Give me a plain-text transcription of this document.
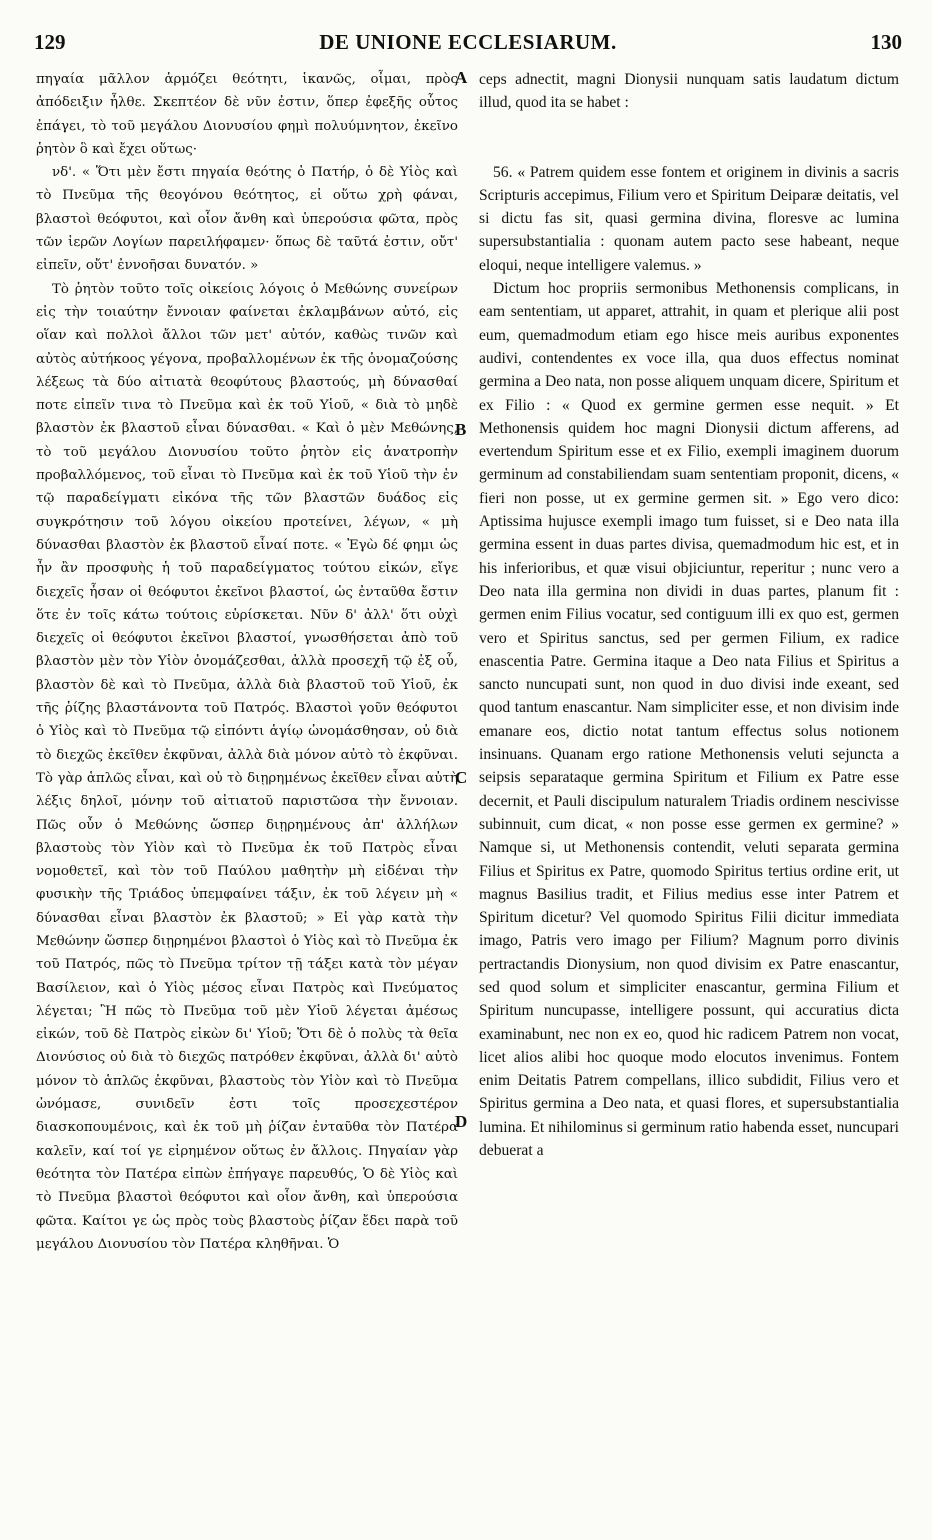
129	DE UNIONE ECCLESIARUM.	130

πηγαία μᾶλλον ἁρμόζει θεότητι, ἱκανῶς, οἶμαι, πρὸς ἀπόδειξιν ἦλθε. Σκεπτέον δὲ νῦν ἐστιν, ὅπερ ἐφεξῆς οὗτος ἐπάγει, τὸ τοῦ μεγάλου Διονυσίου φημὶ πολυύμνητον, ἐκεῖνο ῥητὸν ὃ καὶ ἔχει οὕτως·

νδ'. « Ὅτι μὲν ἔστι πηγαία θεότης ὁ Πατήρ, ὁ δὲ Υἱὸς καὶ τὸ Πνεῦμα τῆς θεογόνου θεότητος, εἰ οὕτω χρὴ φάναι, βλαστοὶ θεόφυτοι, καὶ οἷον ἄνθη καὶ ὑπερούσια φῶτα, πρὸς τῶν ἱερῶν Λογίων παρειλήφαμεν· ὅπως δὲ ταῦτά ἐστιν, οὔτ' εἰπεῖν, οὔτ' ἐννοῆσαι δυνατόν. »

Τὸ ῥητὸν τοῦτο τοῖς οἰκείοις λόγοις ὁ Μεθώνης συνείρων εἰς τὴν τοιαύτην ἔννοιαν φαίνεται ἐκλαμβάνων αὐτό, εἰς οἵαν καὶ πολλοὶ ἄλλοι τῶν μετ' αὐτόν, καθὼς τινῶν καὶ αὐτὸς αὐτήκοος γέγονα, προβαλλομένων ἐκ τῆς ὀνομαζούσης λέξεως τὰ δύο αἰτιατὰ θεοφύτους βλαστούς, μὴ δύνασθαί ποτε εἰπεῖν τινα τὸ Πνεῦμα καὶ ἐκ τοῦ Υἱοῦ, « διὰ τὸ μηδὲ βλαστὸν ἐκ βλαστοῦ εἶναι δύνασθαι. « Καὶ ὁ μὲν Μεθώνης, τὸ τοῦ μεγάλου Διονυσίου τοῦτο ῥητὸν εἰς ἀνατροπὴν προβαλλόμενος, τοῦ εἶναι τὸ Πνεῦμα καὶ ἐκ τοῦ Υἱοῦ τὴν ἐν τῷ παραδείγματι εἰκόνα τῆς τῶν βλαστῶν δυάδος εἰς συγκρότησιν τοῦ λόγου οἰκείου προτείνει, λέγων, « μὴ δύνασθαι βλαστὸν ἐκ βλαστοῦ εἶναί ποτε. « Ἐγὼ δέ φημι ὡς ἦν ἂν προσφυὴς ἡ τοῦ παραδείγματος τούτου εἰκών, εἴγε διεχεῖς ἦσαν οἱ θεόφυτοι ἐκεῖνοι βλαστοί, ὡς ἐνταῦθα ἔστιν ὅτε ἐν τοῖς κάτω τούτοις εὑρίσκεται. Νῦν δ' ἀλλ' ὅτι οὐχὶ διεχεῖς οἱ θεόφυτοι ἐκεῖνοι βλαστοί, γνωσθήσεται ἀπὸ τοῦ βλαστὸν μὲν τὸν Υἱὸν ὀνομάζεσθαι, ἀλλὰ προσεχῆ τῷ ἐξ οὗ, βλαστὸν δὲ καὶ τὸ Πνεῦμα, ἀλλὰ διὰ βλαστοῦ τοῦ Υἱοῦ, ἐκ τῆς ῥίζης βλαστάνοντα τοῦ Πατρός. Βλαστοὶ γοῦν θεόφυτοι ὁ Υἱὸς καὶ τὸ Πνεῦμα τῷ εἰπόντι ἁγίῳ ὠνομάσθησαν, οὐ διὰ τὸ διεχῶς ἐκεῖθεν ἐκφῦναι, ἀλλὰ διὰ μόνον αὐτὸ τὸ ἐκφῦναι. Τὸ γὰρ ἁπλῶς εἶναι, καὶ οὐ τὸ διῃρημένως ἐκεῖθεν εἶναι αὐτὴ λέξις δηλοῖ, μόνην τοῦ αἰτιατοῦ παριστῶσα τὴν ἔννοιαν. Πῶς οὖν ὁ Μεθώνης ὥσπερ διῃρημένους ἀπ' ἀλλήλων βλαστοὺς τὸν Υἱὸν καὶ τὸ Πνεῦμα ἐκ τοῦ Πατρὸς εἶναι νομοθετεῖ, καὶ τὸν τοῦ Παύλου μαθητὴν μὴ εἰδέναι τὴν φυσικὴν τῆς Τριάδος ὑπεμφαίνει τάξιν, ἐκ τοῦ λέγειν μὴ « δύνασθαι εἶναι βλαστὸν ἐκ βλαστοῦ; » Εἰ γὰρ κατὰ τὴν Μεθώνην ὥσπερ διῃρημένοι βλαστοὶ ὁ Υἱὸς καὶ τὸ Πνεῦμα ἐκ τοῦ Πατρός, πῶς τὸ Πνεῦμα τρίτον τῇ τάξει κατὰ τὸν μέγαν Βασίλειον, καὶ ὁ Υἱὸς μέσος εἶναι Πατρὸς καὶ Πνεύματος λέγεται; Ἢ πῶς τὸ Πνεῦμα τοῦ μὲν Υἱοῦ λέγεται ἀμέσως εἰκών, τοῦ δὲ Πατρὸς εἰκὼν δι' Υἱοῦ; Ὅτι δὲ ὁ πολὺς τὰ θεῖα Διονύσιος οὐ διὰ τὸ διεχῶς πατρόθεν ἐκφῦναι, ἀλλὰ δι' αὐτὸ μόνον τὸ ἁπλῶς ἐκφῦναι, βλαστοὺς τὸν Υἱὸν καὶ τὸ Πνεῦμα ὠνόμασε, συνιδεῖν ἐστι τοῖς προσεχεστέρον διασκοπουμένοις, καὶ ἐκ τοῦ μὴ ῥίζαν ἐνταῦθα τὸν Πατέρα καλεῖν, καί τοί γε εἰρημένον οὕτως ἐν ἄλλοις. Πηγαίαν γὰρ θεότητα τὸν Πατέρα εἰπὼν ἐπήγαγε παρευθύς, Ὁ δὲ Υἱὸς καὶ τὸ Πνεῦμα βλαστοὶ θεόφυτοι καὶ οἷον ἄνθη, καὶ ὑπερούσια φῶτα. Καίτοι γε ὡς πρὸς τοὺς βλαστοὺς ῥίζαν ἔδει παρὰ τοῦ μεγάλου Διονυσίου τὸν Πατέρα κληθῆναι. Ὁ

A
B
C
D

ceps adnectit, magni Dionysii nunquam satis laudatum dictum illud, quod ita se habet :

56. « Patrem quidem esse fontem et originem in divinis a sacris Scripturis accepimus, Filium vero et Spiritum Deiparæ deitatis, vel si dictu fas sit, quasi germina divina, floresve ac lumina supersubstantialia : quonam autem pacto sese habeant, neque eloqui, neque intelligere valemus. »

Dictum hoc propriis sermonibus Methonensis complicans, in eam sententiam, ut apparet, attrahit, in quam et plerique alii post eum, quemadmodum etiam ego hisce meis auribus exponentes audivi, contendentes ex voce illa, qua duos effectus nominat germina a Deo nata, non posse aliquem unquam dicere, Spiritum et ex Filio : « Quod ex germine germen esse nequit. » Et Methonensis quidem hoc magni Dionysii dictum afferens, ad evertendum Spiritum esse et ex Filio, exempli imaginem duorum germinum ad constabiliendam suam sententiam proponit, dicens, « fieri non posse, ut ex germine germen sit. » Ego vero dico: Aptissima hujusce exempli imago tum fuisset, si e Deo nata illa germina essent in duas partes divisa, quemadmodum hic est, et in his inferioribus, et quæ visui objiciuntur, reperitur ; nunc vero a Deo nata illa germina non dividi in duas partes, planum fit : germen enim Filius vocatur, sed contiguum illi ex quo est, germen vero et Spiritus sanctus, sed per germen Filium, ex radice enascentia Patre. Germina itaque a Deo nata Filius et Spiritus a sancto nuncupati sunt, non quod in duo divisi inde exeant, sed quod tantum enascantur. Nam simpliciter esse, et non divisim inde emanare eos, dictio notat tantum effectus solus notionem insinuans. Quanam ergo ratione Methonensis veluti sejuncta a seipsis separataque germina Spiritum et Filium ex Patre esse decernit, et Pauli discipulum naturalem Triadis ordinem nescivisse subinnuit, cum dicat, « non posse esse germen ex germine? » Namque si, ut Methonensis contendit, veluti separata germina Filius et Spiritus ex Patre, quomodo Spiritus tertius ordine erit, ut magnus Basilius tradit, et Filius medius esse inter Patrem et Spiritum dicetur? Vel quomodo Spiritus Filii dicitur immediata imago, Patris vero imago per Filium? Magnum porro divinis pertractandis Dionysium, non quod divisim ex Patre enascantur, sed quod solum et simpliciter enascantur, germina Filium et Spiritum nuncupasse, intelligere possunt, qui accuratius dicta examinabunt, nec non ex eo, quod hic radicem Patrem non vocat, licet alios alibi hoc quoque modo elocutos invenimus. Fontem enim Deitatis Patrem compellans, illico subdidit, Filius vero et Spiritus germina a Deo nata, et quasi flores, et supersubstantialia lumina. Et nihilominus si germinum ratio habenda esset, nuncupari debuerat a
